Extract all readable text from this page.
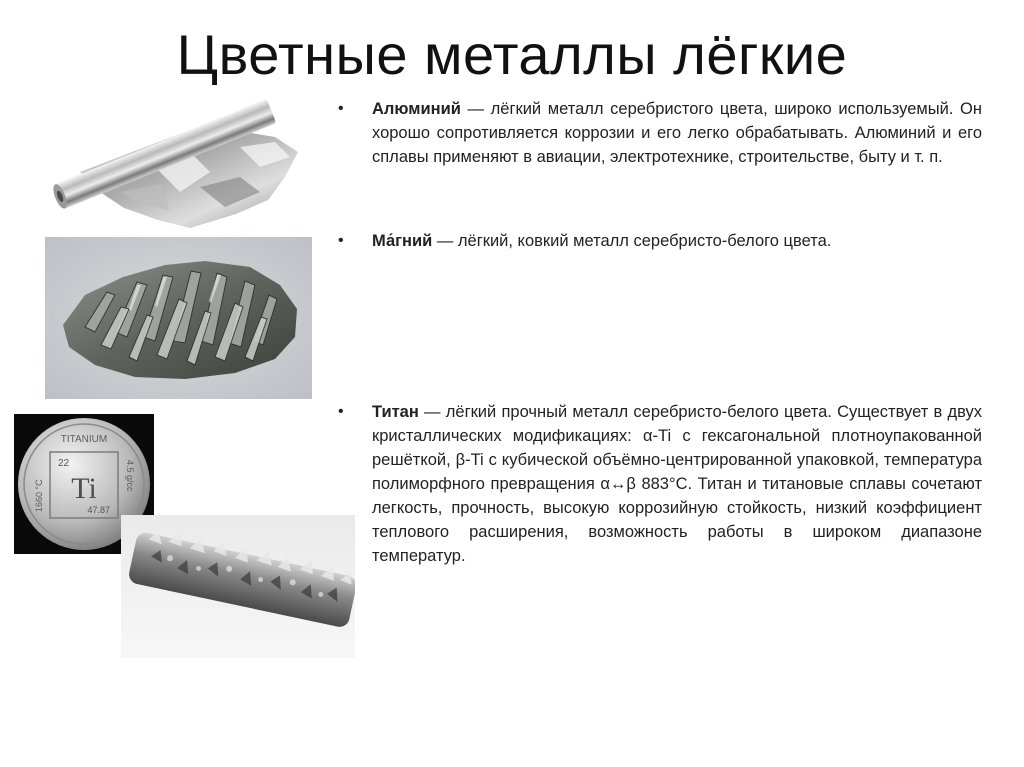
Цветные металлы лёгкие
TITANIUM
22
Ti
47.87
1660 °C
4.5 g/cc
•	Алюминий — лёгкий металл серебристого цвета, широко используемый. Он хорошо сопротивляется коррозии и его легко обрабатывать. Алюминий и его сплавы применяют в авиации, электротехнике, строительстве, быту и т. п.
•	Ма́гний — лёгкий, ковкий металл серебристо-белого цвета.
•	Титан — лёгкий прочный металл серебристо-белого цвета. Существует в двух кристаллических модификациях: α-Ti с гексагональной плотноупакованной решёткой, β-Ti с кубической объёмно-центрированной упаковкой, температура полиморфного превращения α↔β 883°C. Титан и титановые сплавы сочетают легкость, прочность, высокую коррозийную стойкость, низкий коэффициент теплового расширения, возможность работы в широком диапазоне температур.
